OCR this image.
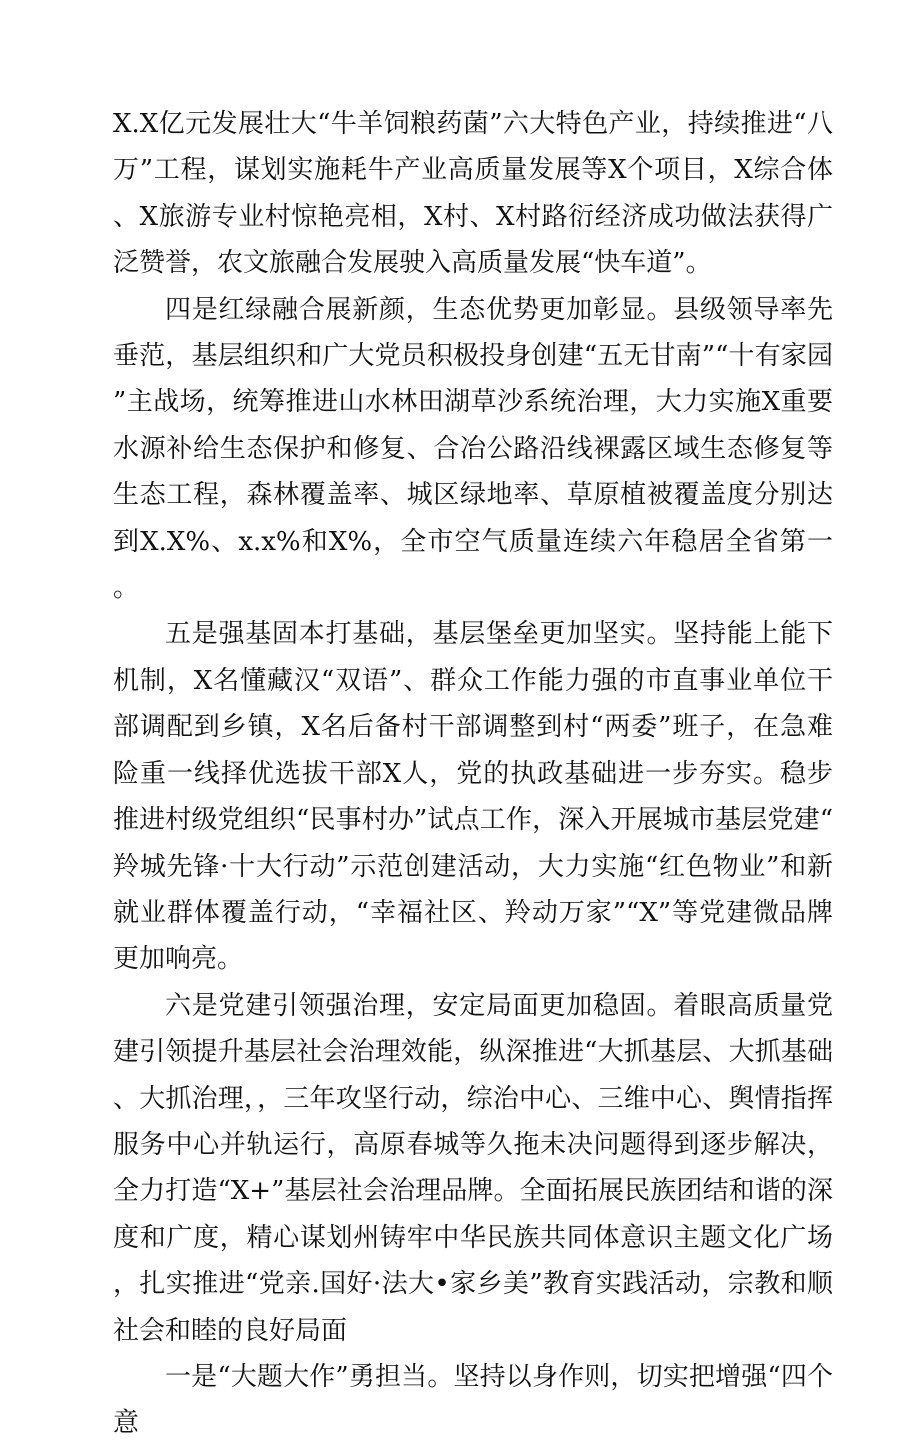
X.X亿元发展壮大“牛羊饲粮药菌”六大特色产业，持续推进“八万”工程，谋划实施耗牛产业高质量发展等X个项目，X综合体、X旅游专业村惊艳亮相，X村、X村路衍经济成功做法获得广泛赞誉，农文旅融合发展驶入高质量发展“快车道”。

四是红绿融合展新颜，生态优势更加彰显。县级领导率先垂范，基层组织和广大党员积极投身创建“五无甘南”“十有家园”主战场，统筹推进山水林田湖草沙系统治理，大力实施X重要水源补给生态保护和修复、合冶公路沿线裸露区域生态修复等生态工程，森林覆盖率、城区绿地率、草原植被覆盖度分别达到X.X%、x.x%和X%，全市空气质量连续六年稳居全省第一。

五是强基固本打基础，基层堡垒更加坚实。坚持能上能下机制，X名懂藏汉“双语”、群众工作能力强的市直事业单位干部调配到乡镇，X名后备村干部调整到村“两委”班子，在急难险重一线择优选拔干部X人，党的执政基础进一步夯实。稳步推进村级党组织“民事村办”试点工作，深入开展城市基层党建“羚城先锋·十大行动”示范创建活动，大力实施“红色物业”和新就业群体覆盖行动，“幸福社区、羚动万家”“X”等党建微品牌更加响亮。

六是党建引领强治理，安定局面更加稳固。着眼高质量党建引领提升基层社会治理效能，纵深推进“大抓基层、大抓基础、大抓治理，，三年攻坚行动，综治中心、三维中心、舆情指挥服务中心并轨运行，高原春城等久拖未决问题得到逐步解决，全力打造“X+”基层社会治理品牌。全面拓展民族团结和谐的深度和广度，精心谋划州铸牢中华民族共同体意识主题文化广场，扎实推进“党亲.国好·法大•家乡美”教育实践活动，宗教和顺社会和睦的良好局面

一是“大题大作”勇担当。坚持以身作则，切实把增强“四个意
